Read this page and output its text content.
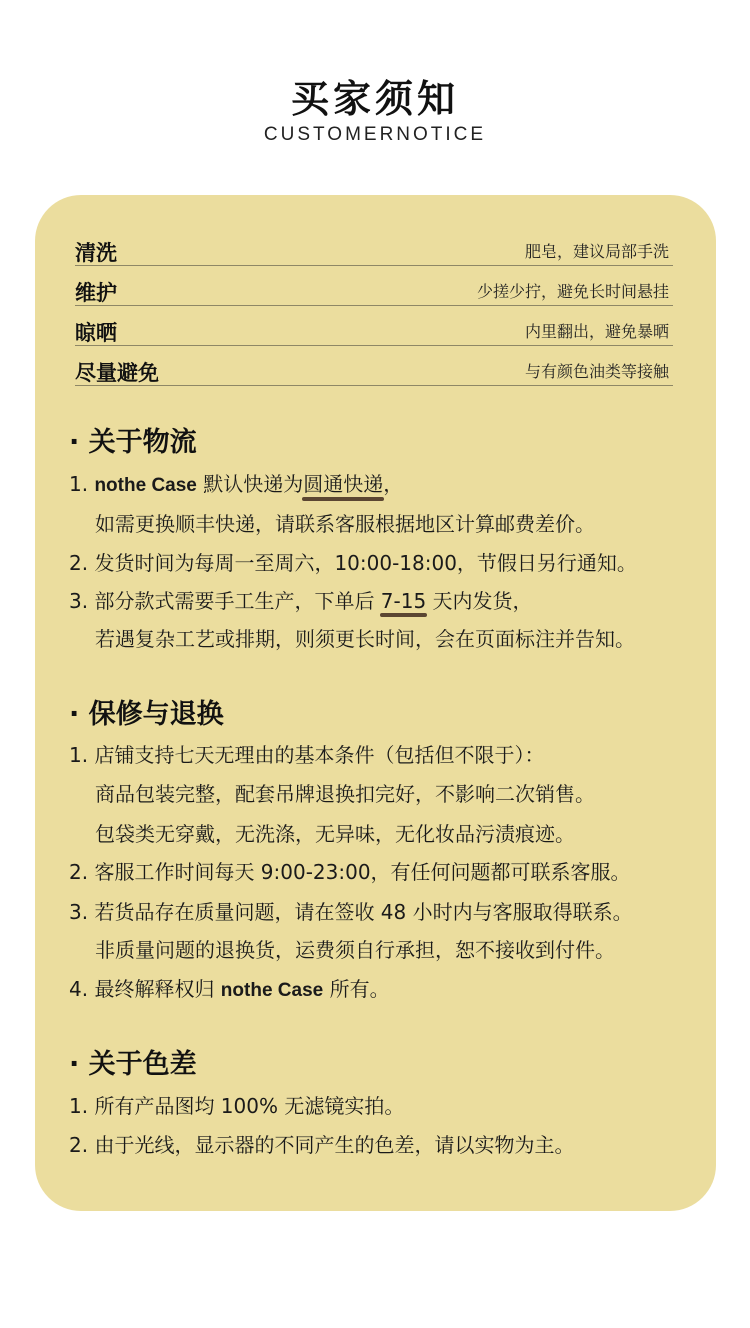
买家须知
CUSTOMERNOTICE
清洗	肥皂，建议局部手洗
维护	少搓少拧，避免长时间悬挂
晾晒	内里翻出，避免暴晒
尽量避免	与有颜色油类等接触
· 关于物流
1. nothe Case 默认快递为圆通快递，
如需更换顺丰快递，请联系客服根据地区计算邮费差价。
2. 发货时间为每周一至周六，10:00-18:00，节假日另行通知。
3. 部分款式需要手工生产，下单后 7-15 天内发货，
若遇复杂工艺或排期，则须更长时间，会在页面标注并告知。
· 保修与退换
1. 店铺支持七天无理由的基本条件（包括但不限于）：
商品包装完整，配套吊牌退换扣完好，不影响二次销售。
包袋类无穿戴，无洗涤，无异味，无化妆品污渍痕迹。
2. 客服工作时间每天 9:00-23:00，有任何问题都可联系客服。
3. 若货品存在质量问题，请在签收 48 小时内与客服取得联系。
非质量问题的退换货，运费须自行承担，恕不接收到付件。
4. 最终解释权归 nothe Case 所有。
· 关于色差
1. 所有产品图均 100% 无滤镜实拍。
2. 由于光线，显示器的不同产生的色差，请以实物为主。
